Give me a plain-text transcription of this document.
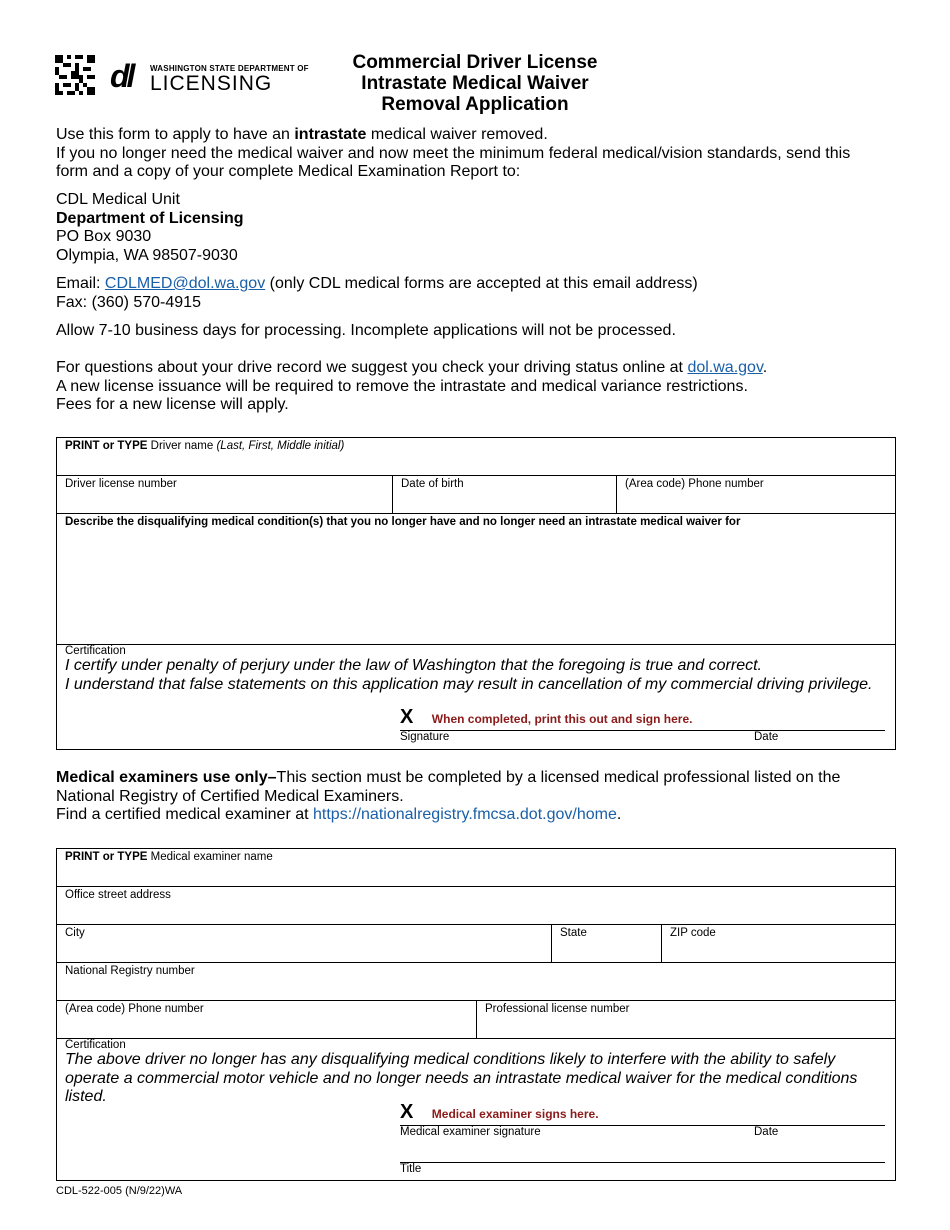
dl WASHINGTON STATE DEPARTMENT OF
LICENSING
Commercial Driver License
Intrastate Medical Waiver
Removal Application
Use this form to apply to have an intrastate medical waiver removed.
If you no longer need the medical waiver and now meet the minimum federal medical/vision standards, send this form and a copy of your complete Medical Examination Report to:
CDL Medical Unit
Department of Licensing
PO Box 9030
Olympia, WA 98507-9030
Email: CDLMED@dol.wa.gov (only CDL medical forms are accepted at this email address)
Fax: (360) 570-4915
Allow 7-10 business days for processing. Incomplete applications will not be processed.
For questions about your drive record we suggest you check your driving status online at dol.wa.gov.
A new license issuance will be required to remove the intrastate and medical variance restrictions.
Fees for a new license will apply.
PRINT or TYPE Driver name (Last, First, Middle initial)
Driver license number	Date of birth	(Area code) Phone number
Describe the disqualifying medical condition(s) that you no longer have and no longer need an intrastate medical waiver for
Certification
I certify under penalty of perjury under the law of Washington that the foregoing is true and correct.
I understand that false statements on this application may result in cancellation of my commercial driving privilege.
X When completed, print this out and sign here.
Signature	Date
Medical examiners use only–This section must be completed by a licensed medical professional listed on the National Registry of Certified Medical Examiners.
Find a certified medical examiner at https://nationalregistry.fmcsa.dot.gov/home.
PRINT or TYPE Medical examiner name
Office street address
City	State	ZIP code
National Registry number
(Area code) Phone number	Professional license number
Certification
The above driver no longer has any disqualifying medical conditions likely to interfere with the ability to safely operate a commercial motor vehicle and no longer needs an intrastate medical waiver for the medical conditions listed.
X Medical examiner signs here.
Medical examiner signature	Date
Title
CDL-522-005 (N/9/22)WA
